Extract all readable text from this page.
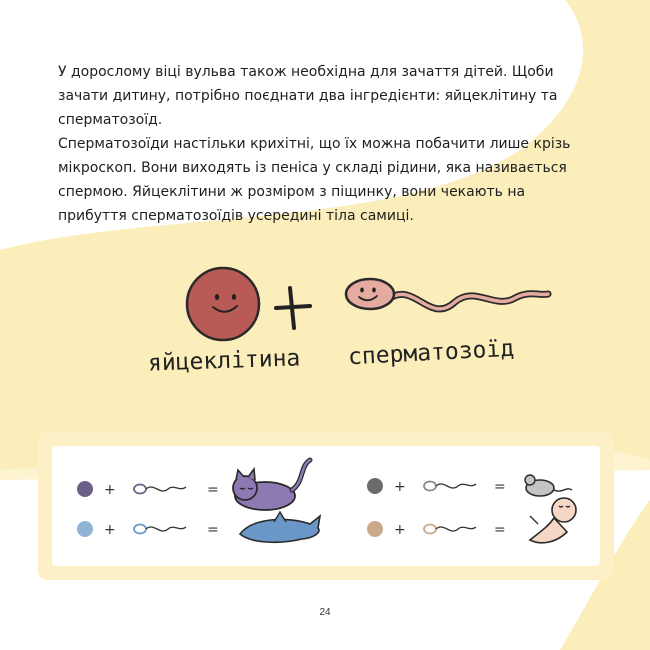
У дорослому віці вульва також необхідна для зачаття дітей. Щоби зачати дитину, потрібно поєднати два інгредієнти: яйцеклітину та сперматозоїд.

Сперматозоїди настільки крихітні, що їх можна побачити лише крізь мікроскоп. Вони виходять із пеніса у складі рідини, яка називається спермою. Яйцеклітини ж розміром з піщинку, вони чекають на прибуття сперматозоїдів усередині тіла самиці.

яйцеклітина сперматозоїд
+	=	+	=
+	=	+	=
24
